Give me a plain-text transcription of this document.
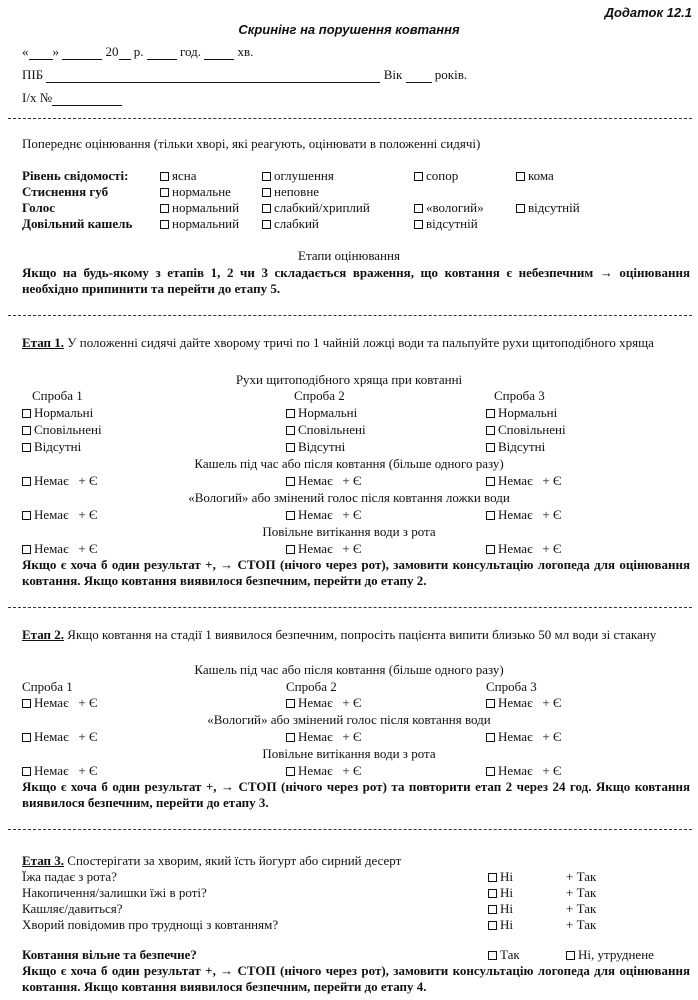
Додаток 12.1
Скринінг на порушення ковтання
« »	20 р.	год.	хв.
ПІБ	Вік	років.
І/х №
Попереднє оцінювання (тільки хворі, які реагують, оцінювати в положенні сидячі)
Рівень свідомості:	ясна	оглушення	сопор	кома
Стиснення губ	нормальне	неповне
Голос	нормальний	слабкий/хриплий	«вологий»	відсутній
Довільний кашель	нормальний	слабкий	відсутній
Етапи оцінювання

Якщо на будь-якому з етапів 1, 2 чи 3 складається враження, що ковтання є небезпечним → оцінювання необхідно припинити та перейти до етапу 5.

Етап 1. У положенні сидячі дайте хворому тричі по 1 чайній ложці води та пальпуйте рухи щитоподібного хряща

Рухи щитоподібного хряща при ковтанні
Спроба 1	Спроба 2	Спроба 3
Нормальні	Нормальні	Нормальні
Сповільнені	Сповільнені	Сповільнені
Відсутні	Відсутні	Відсутні
Кашель під час або після ковтання (більше одного разу)
Немає + Є	Немає + Є	Немає + Є
«Вологий» або змінений голос після ковтання ложки води
Немає + Є	Немає + Є	Немає + Є
Повільне витікання води з рота
Немає + Є	Немає + Є	Немає + Є

Якщо є хоча б один результат +, → СТОП (нічого через рот), замовити консультацію логопеда для оцінювання ковтання. Якщо ковтання виявилося безпечним, перейти до етапу 2.

Етап 2. Якщо ковтання на стадії 1 виявилося безпечним, попросіть пацієнта випити близько 50 мл води зі стакану

Кашель під час або після ковтання (більше одного разу)
Спроба 1	Спроба 2	Спроба 3
Немає + Є	Немає + Є	Немає + Є
«Вологий» або змінений голос після ковтання води
Немає + Є	Немає + Є	Немає + Є
Повільне витікання води з рота
Немає + Є	Немає + Є	Немає + Є

Якщо є хоча б один результат +, → СТОП (нічого через рот) та повторити етап 2 через 24 год. Якщо ковтання виявилося безпечним, перейти до етапу 3.

Етап 3. Спостерігати за хворим, який їсть йогурт або сирний десерт
Їжа падає з рота?	Ні	+ Так
Накопичення/залишки їжі в роті?	Ні	+ Так
Кашляє/давиться?	Ні	+ Так
Хворий повідомив про труднощі з ковтанням?	Ні	+ Так
Ковтання вільне та безпечне?	Так	Ні, утруднене

Якщо є хоча б один результат +, → СТОП (нічого через рот), замовити консультацію логопеда для оцінювання ковтання. Якщо ковтання виявилося безпечним, перейти до етапу 4.
